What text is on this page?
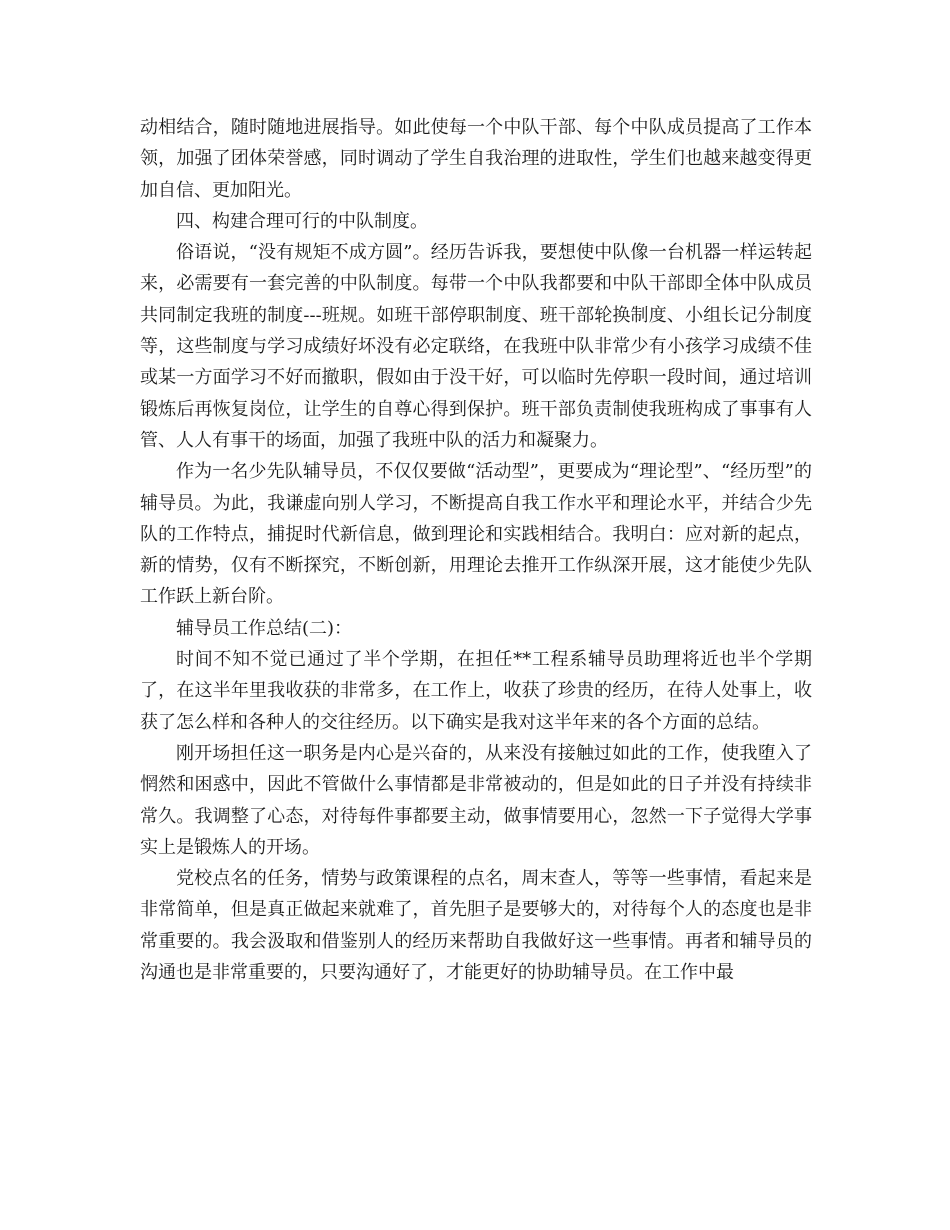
动相结合，随时随地进展指导。如此使每一个中队干部、每个中队成员提高了工作本领，加强了团体荣誉感，同时调动了学生自我治理的进取性，学生们也越来越变得更加自信、更加阳光。

四、构建合理可行的中队制度。

俗语说，“没有规矩不成方圆”。经历告诉我，要想使中队像一台机器一样运转起来，必需要有一套完善的中队制度。每带一个中队我都要和中队干部即全体中队成员共同制定我班的制度---班规。如班干部停职制度、班干部轮换制度、小组长记分制度等，这些制度与学习成绩好坏没有必定联络，在我班中队非常少有小孩学习成绩不佳或某一方面学习不好而撤职，假如由于没干好，可以临时先停职一段时间，通过培训锻炼后再恢复岗位，让学生的自尊心得到保护。班干部负责制使我班构成了事事有人管、人人有事干的场面，加强了我班中队的活力和凝聚力。

作为一名少先队辅导员，不仅仅要做“活动型”，更要成为“理论型”、“经历型”的辅导员。为此，我谦虚向别人学习，不断提高自我工作水平和理论水平，并结合少先队的工作特点，捕捉时代新信息，做到理论和实践相结合。我明白：应对新的起点，新的情势，仅有不断探究，不断创新，用理论去推开工作纵深开展，这才能使少先队工作跃上新台阶。

辅导员工作总结(二)：

时间不知不觉已通过了半个学期，在担任**工程系辅导员助理将近也半个学期了，在这半年里我收获的非常多，在工作上，收获了珍贵的经历，在待人处事上，收获了怎么样和各种人的交往经历。以下确实是我对这半年来的各个方面的总结。

刚开场担任这一职务是内心是兴奋的，从来没有接触过如此的工作，使我堕入了惘然和困惑中，因此不管做什么事情都是非常被动的，但是如此的日子并没有持续非常久。我调整了心态，对待每件事都要主动，做事情要用心，忽然一下子觉得大学事实上是锻炼人的开场。

党校点名的任务，情势与政策课程的点名，周末查人，等等一些事情，看起来是非常简单，但是真正做起来就难了，首先胆子是要够大的，对待每个人的态度也是非常重要的。我会汲取和借鉴别人的经历来帮助自我做好这一些事情。再者和辅导员的沟通也是非常重要的，只要沟通好了，才能更好的协助辅导员。在工作中最
